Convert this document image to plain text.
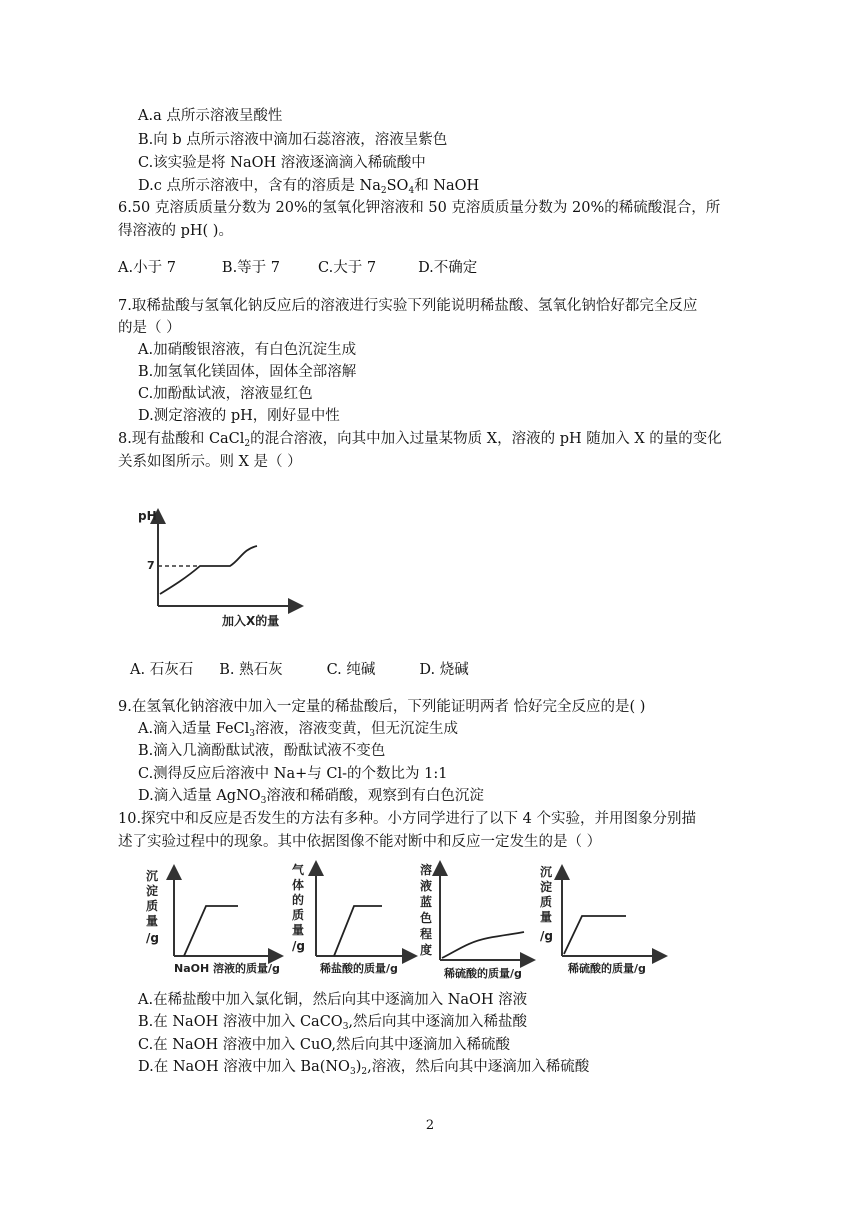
A.a 点所示溶液呈酸性
B.向 b 点所示溶液中滴加石蕊溶液，溶液呈紫色
C.该实验是将 NaOH 溶液逐滴滴入稀硫酸中
D.c 点所示溶液中，含有的溶质是 $Na_2SO_4$和 NaOH
6.50 克溶质质量分数为 20%的氢氧化钾溶液和 50 克溶质质量分数为 20%的稀硫酸混合，所
得溶液的 pH( )。
A.小于 7	B.等于 7	C.大于 7	D.不确定
7.取稀盐酸与氢氧化钠反应后的溶液进行实验下列能说明稀盐酸、氢氧化钠恰好都完全反应
的是（ ）
A.加硝酸银溶液，有白色沉淀生成
B.加氢氧化镁固体，固体全部溶解
C.加酚酞试液，溶液显红色
D.测定溶液的 pH，刚好显中性
8.现有盐酸和 CaCl$_2$的混合溶液，向其中加入过量某物质 X，溶液的 pH 随加入 X 的量的变化
关系如图所示。则 X 是（ ）
pH
7
加入X的量
A. 石灰石 B. 熟石灰	C. 纯碱	D. 烧碱
9.在氢氧化钠溶液中加入一定量的稀盐酸后，下列能证明两者 恰好完全反应的是( )
A.滴入适量 FeCl$_3$溶液，溶液变黄，但无沉淀生成
B.滴入几滴酚酞试液，酚酞试液不变色
C.测得反应后溶液中 Na+与 Cl-的个数比为 1:1
D.滴入适量 AgNO$_3$溶液和稀硝酸，观察到有白色沉淀
10.探究中和反应是否发生的方法有多种。小方同学进行了以下 4 个实验，并用图象分别描
述了实验过程中的现象。其中依据图像不能对断中和反应一定发生的是（ ）
沉
淀
质
量
/g
NaOH 溶液的质量/g
气
体
的
质
量
/g
稀盐酸的质量/g
溶
液
蓝
色
程
度
稀硫酸的质量/g
沉
淀
质
量
/g
稀硫酸的质量/g
A.在稀盐酸中加入氯化铜，然后向其中逐滴加入 NaOH 溶液
B.在 NaOH 溶液中加入 CaCO$_3$,然后向其中逐滴加入稀盐酸
C.在 NaOH 溶液中加入 CuO,然后向其中逐滴加入稀硫酸
D.在 NaOH 溶液中加入 $Ba(NO_3)_2$,溶液，然后向其中逐滴加入稀硫酸
2
